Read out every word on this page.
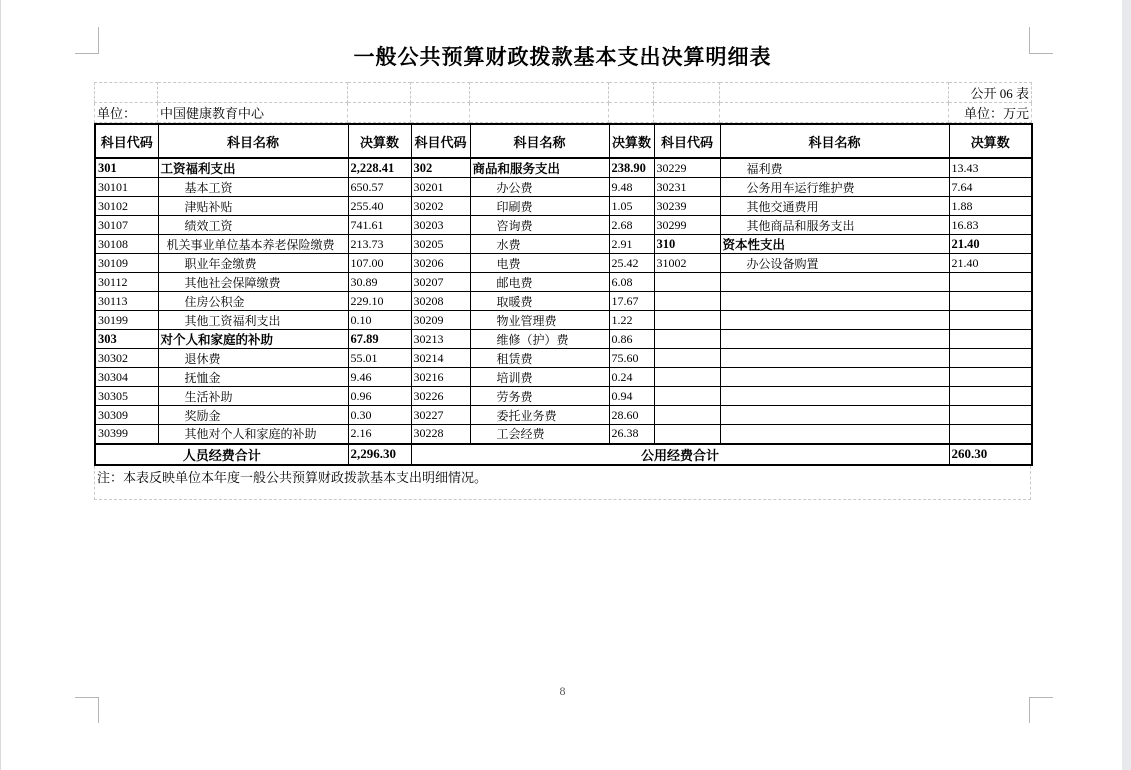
一般公共预算财政拨款基本支出决算明细表
								公开 06 表
单位：	中国健康教育中心							单位：万元
科目代码	科目名称	决算数	科目代码	科目名称	决算数	科目代码	科目名称	决算数
301	工资福利支出	2,228.41	302	商品和服务支出	238.90	30229	福利费	13.43
30101	基本工资	650.57	30201	办公费	9.48	30231	公务用车运行维护费	7.64
30102	津贴补贴	255.40	30202	印刷费	1.05	30239	其他交通费用	1.88
30107	绩效工资	741.61	30203	咨询费	2.68	30299	其他商品和服务支出	16.83
30108	机关事业单位基本养老保险缴费	213.73	30205	水费	2.91	310	资本性支出	21.40
30109	职业年金缴费	107.00	30206	电费	25.42	31002	办公设备购置	21.40
30112	其他社会保障缴费	30.89	30207	邮电费	6.08			
30113	住房公积金	229.10	30208	取暖费	17.67			
30199	其他工资福利支出	0.10	30209	物业管理费	1.22			
303	对个人和家庭的补助	67.89	30213	维修（护）费	0.86			
30302	退休费	55.01	30214	租赁费	75.60			
30304	抚恤金	9.46	30216	培训费	0.24			
30305	生活补助	0.96	30226	劳务费	0.94			
30309	奖励金	0.30	30227	委托业务费	28.60			
30399	其他对个人和家庭的补助	2.16	30228	工会经费	26.38			
人员经费合计		2,296.30	公用经费合计					260.30
注：本表反映单位本年度一般公共预算财政拨款基本支出明细情况。
8
